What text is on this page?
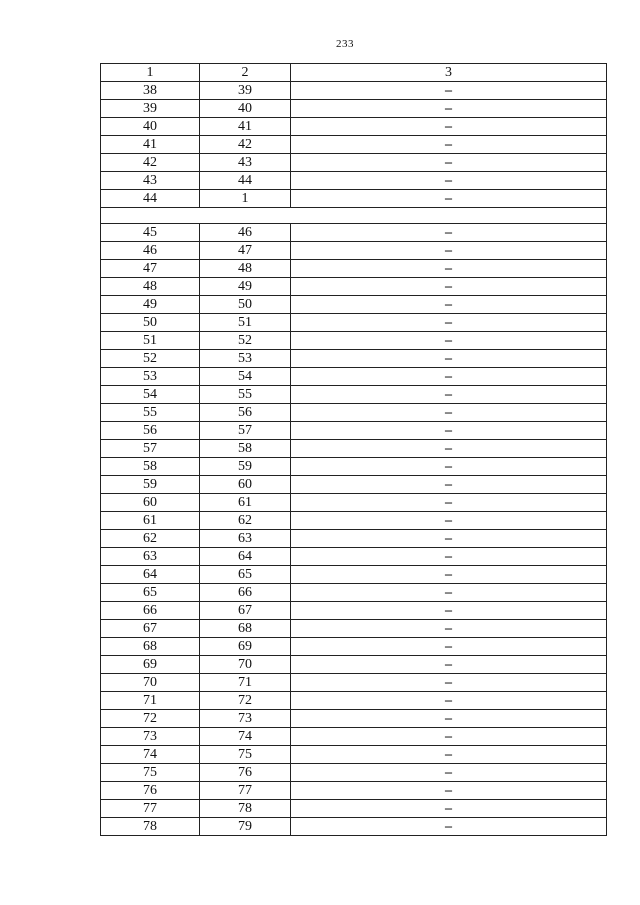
233
1	2	3
38	39	–
39	40	–
40	41	–
41	42	–
42	43	–
43	44	–
44	1	–

45	46	–
46	47	–
47	48	–
48	49	–
49	50	–
50	51	–
51	52	–
52	53	–
53	54	–
54	55	–
55	56	–
56	57	–
57	58	–
58	59	–
59	60	–
60	61	–
61	62	–
62	63	–
63	64	–
64	65	–
65	66	–
66	67	–
67	68	–
68	69	–
69	70	–
70	71	–
71	72	–
72	73	–
73	74	–
74	75	–
75	76	–
76	77	–
77	78	–
78	79	–
